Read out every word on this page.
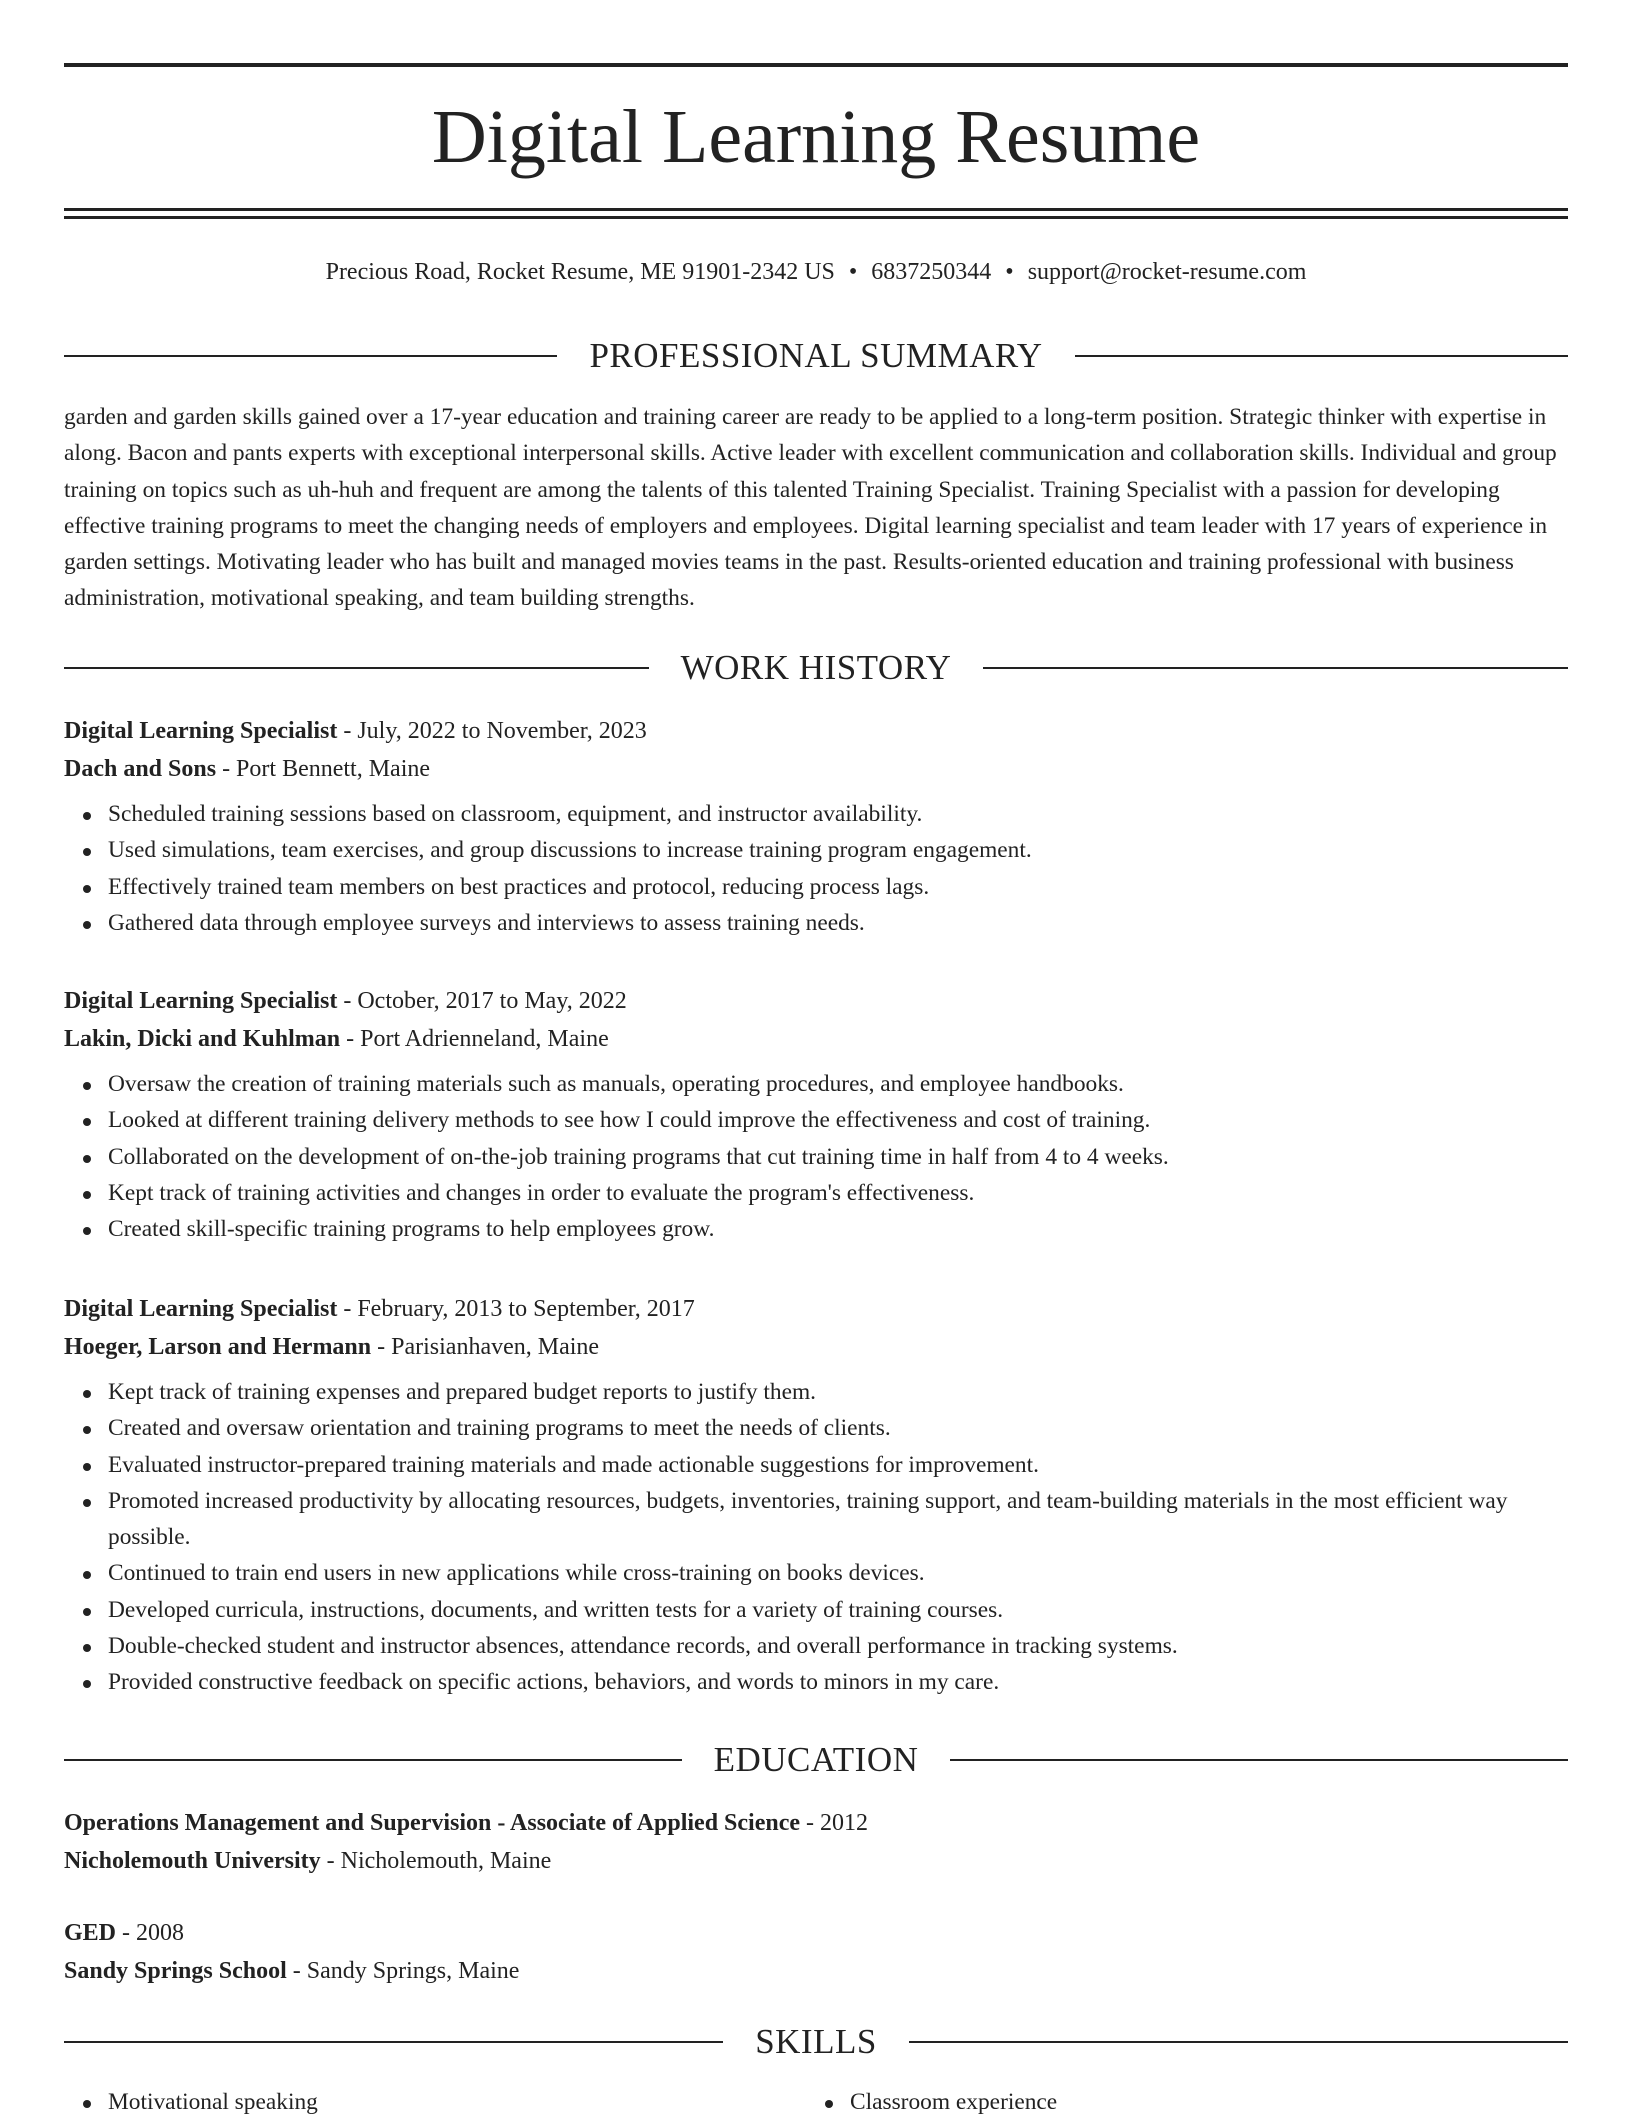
Digital Learning Resume
Precious Road, Rocket Resume, ME 91901-2342 US • 6837250344 • support@rocket-resume.com
PROFESSIONAL SUMMARY

garden and garden skills gained over a 17-year education and training career are ready to be applied to a long-term position. Strategic thinker with expertise in along. Bacon and pants experts with exceptional interpersonal skills. Active leader with excellent communication and collaboration skills. Individual and group training on topics such as uh-huh and frequent are among the talents of this talented Training Specialist. Training Specialist with a passion for developing effective training programs to meet the changing needs of employers and employees. Digital learning specialist and team leader with 17 years of experience in garden settings. Motivating leader who has built and managed movies teams in the past. Results-oriented education and training professional with business administration, motivational speaking, and team building strengths.

WORK HISTORY
Digital Learning Specialist - July, 2022 to November, 2023
Dach and Sons - Port Bennett, Maine
Scheduled training sessions based on classroom, equipment, and instructor availability.
Used simulations, team exercises, and group discussions to increase training program engagement.
Effectively trained team members on best practices and protocol, reducing process lags.
Gathered data through employee surveys and interviews to assess training needs.
Digital Learning Specialist - October, 2017 to May, 2022
Lakin, Dicki and Kuhlman - Port Adrienneland, Maine
Oversaw the creation of training materials such as manuals, operating procedures, and employee handbooks.
Looked at different training delivery methods to see how I could improve the effectiveness and cost of training.
Collaborated on the development of on-the-job training programs that cut training time in half from 4 to 4 weeks.
Kept track of training activities and changes in order to evaluate the program's effectiveness.
Created skill-specific training programs to help employees grow.
Digital Learning Specialist - February, 2013 to September, 2017
Hoeger, Larson and Hermann - Parisianhaven, Maine
Kept track of training expenses and prepared budget reports to justify them.
Created and oversaw orientation and training programs to meet the needs of clients.
Evaluated instructor-prepared training materials and made actionable suggestions for improvement.
Promoted increased productivity by allocating resources, budgets, inventories, training support, and team-building materials in the most efficient way possible.
Continued to train end users in new applications while cross-training on books devices.
Developed curricula, instructions, documents, and written tests for a variety of training courses.
Double-checked student and instructor absences, attendance records, and overall performance in tracking systems.
Provided constructive feedback on specific actions, behaviors, and words to minors in my care.
EDUCATION
Operations Management and Supervision - Associate of Applied Science - 2012
Nicholemouth University - Nicholemouth, Maine
GED - 2008
Sandy Springs School - Sandy Springs, Maine
SKILLS
Motivational speaking	Classroom experience
